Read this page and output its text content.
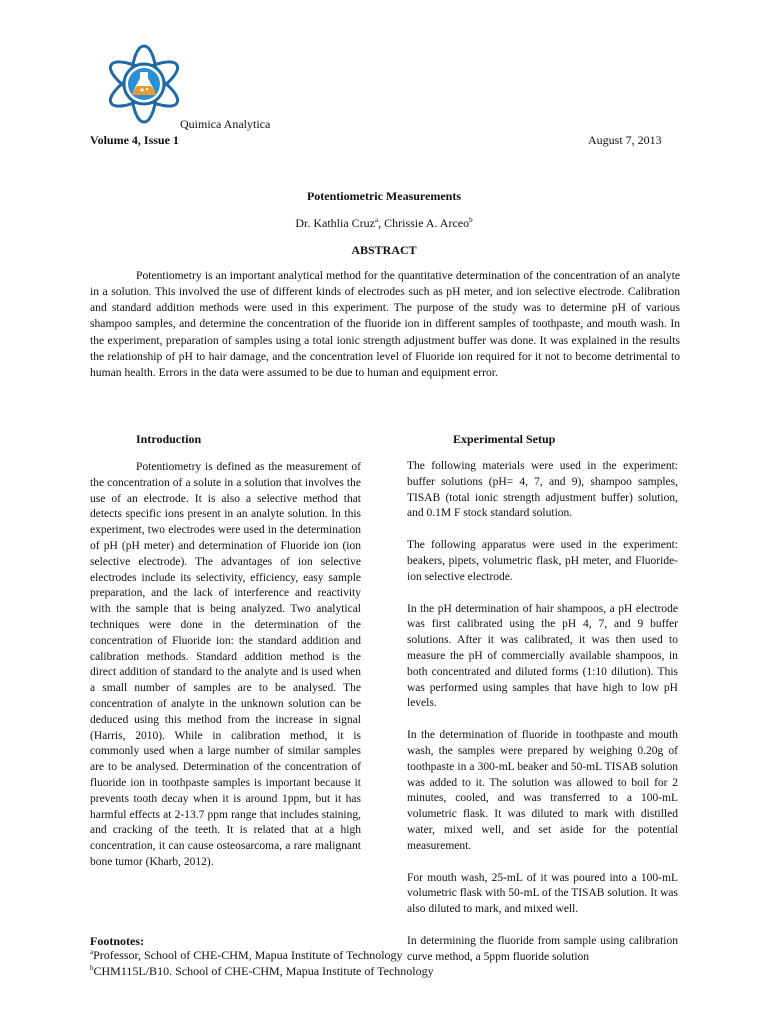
Quimica Analytica
Volume 4, Issue 1	August 7, 2013
Potentiometric Measurements
Dr. Kathlia Cruz$^a$, Chrissie A. Arceo$^b$
ABSTRACT

Potentiometry is an important analytical method for the quantitative determination of the concentration of an analyte in a solution. This involved the use of different kinds of electrodes such as pH meter, and ion selective electrode. Calibration and standard addition methods were used in this experiment. The purpose of the study was to determine pH of various shampoo samples, and determine the concentration of the fluoride ion in different samples of toothpaste, and mouth wash. In the experiment, preparation of samples using a total ionic strength adjustment buffer was done. It was explained in the results the relationship of pH to hair damage, and the concentration level of Fluoride ion required for it not to become detrimental to human health. Errors in the data were assumed to be due to human and equipment error.

Introduction	Experimental Setup

Potentiometry is defined as the measurement of the concentration of a solute in a solution that involves the use of an electrode. It is also a selective method that detects specific ions present in an analyte solution. In this experiment, two electrodes were used in the determination of pH (pH meter) and determination of Fluoride ion (ion selective electrode). The advantages of ion selective electrodes include its selectivity, efficiency, easy sample preparation, and the lack of interference and reactivity with the sample that is being analyzed. Two analytical techniques were done in the determination of the concentration of Fluoride ion: the standard addition and calibration methods. Standard addition method is the direct addition of standard to the analyte and is used when a small number of samples are to be analysed. The concentration of analyte in the unknown solution can be deduced using this method from the increase in signal (Harris, 2010). While in calibration method, it is commonly used when a large number of similar samples are to be analysed. Determination of the concentration of fluoride ion in toothpaste samples is important because it prevents tooth decay when it is around 1ppm, but it has harmful effects at 2-13.7 ppm range that includes staining, and cracking of the teeth. It is related that at a high concentration, it can cause osteosarcoma, a rare malignant bone tumor (Kharb, 2012).

The following materials were used in the experiment: buffer solutions (pH= 4, 7, and 9), shampoo samples, TISAB (total ionic strength adjustment buffer) solution, and 0.1M F stock standard solution.

The following apparatus were used in the experiment: beakers, pipets, volumetric flask, pH meter, and Fluoride-ion selective electrode.

In the pH determination of hair shampoos, a pH electrode was first calibrated using the pH 4, 7, and 9 buffer solutions. After it was calibrated, it was then used to measure the pH of commercially available shampoos, in both concentrated and diluted forms (1:10 dilution). This was performed using samples that have high to low pH levels.

In the determination of fluoride in toothpaste and mouth wash, the samples were prepared by weighing 0.20g of toothpaste in a 300-mL beaker and 50-mL TISAB solution was added to it. The solution was allowed to boil for 2 minutes, cooled, and was transferred to a 100-mL volumetric flask. It was diluted to mark with distilled water, mixed well, and set aside for the potential measurement.

For mouth wash, 25-mL of it was poured into a 100-mL volumetric flask with 50-mL of the TISAB solution. It was also diluted to mark, and mixed well.

In determining the fluoride from sample using calibration curve method, a 5ppm fluoride solution

Footnotes:
$^a$Professor, School of CHE-CHM, Mapua Institute of Technology
$^b$CHM115L/B10. School of CHE-CHM, Mapua Institute of Technology
